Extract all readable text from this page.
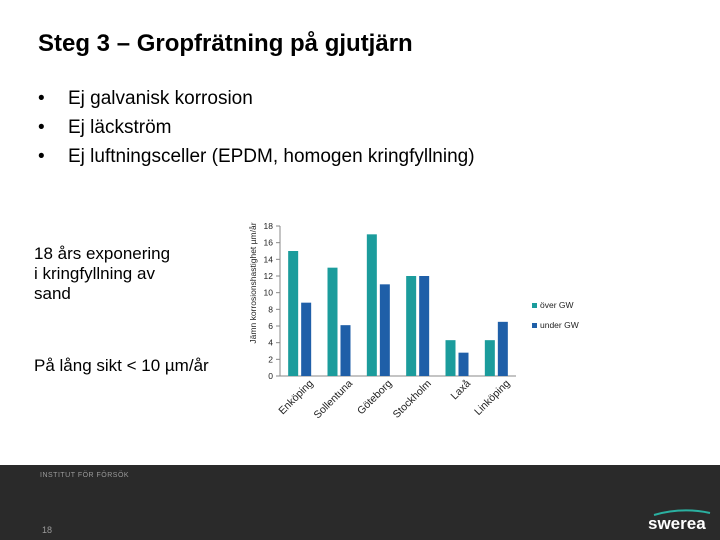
Steg 3 – Gropfrätning på gjutjärn
• Ej galvanisk korrosion
• Ej läckström
• Ej luftningsceller (EPDM, homogen kringfyllning)
18 års exponering
i kringfyllning av
sand
På lång sikt < 10 µm/år
0
2
4
6
8
10
12
14
16
18
Jämn korrosionshastighet µm/år
Enköping
Sollentuna Göteborg
Stockholm Laxå Linköping
över GW
under GW
INSTITUT FÖR FÖRSÖK
18	swerea
